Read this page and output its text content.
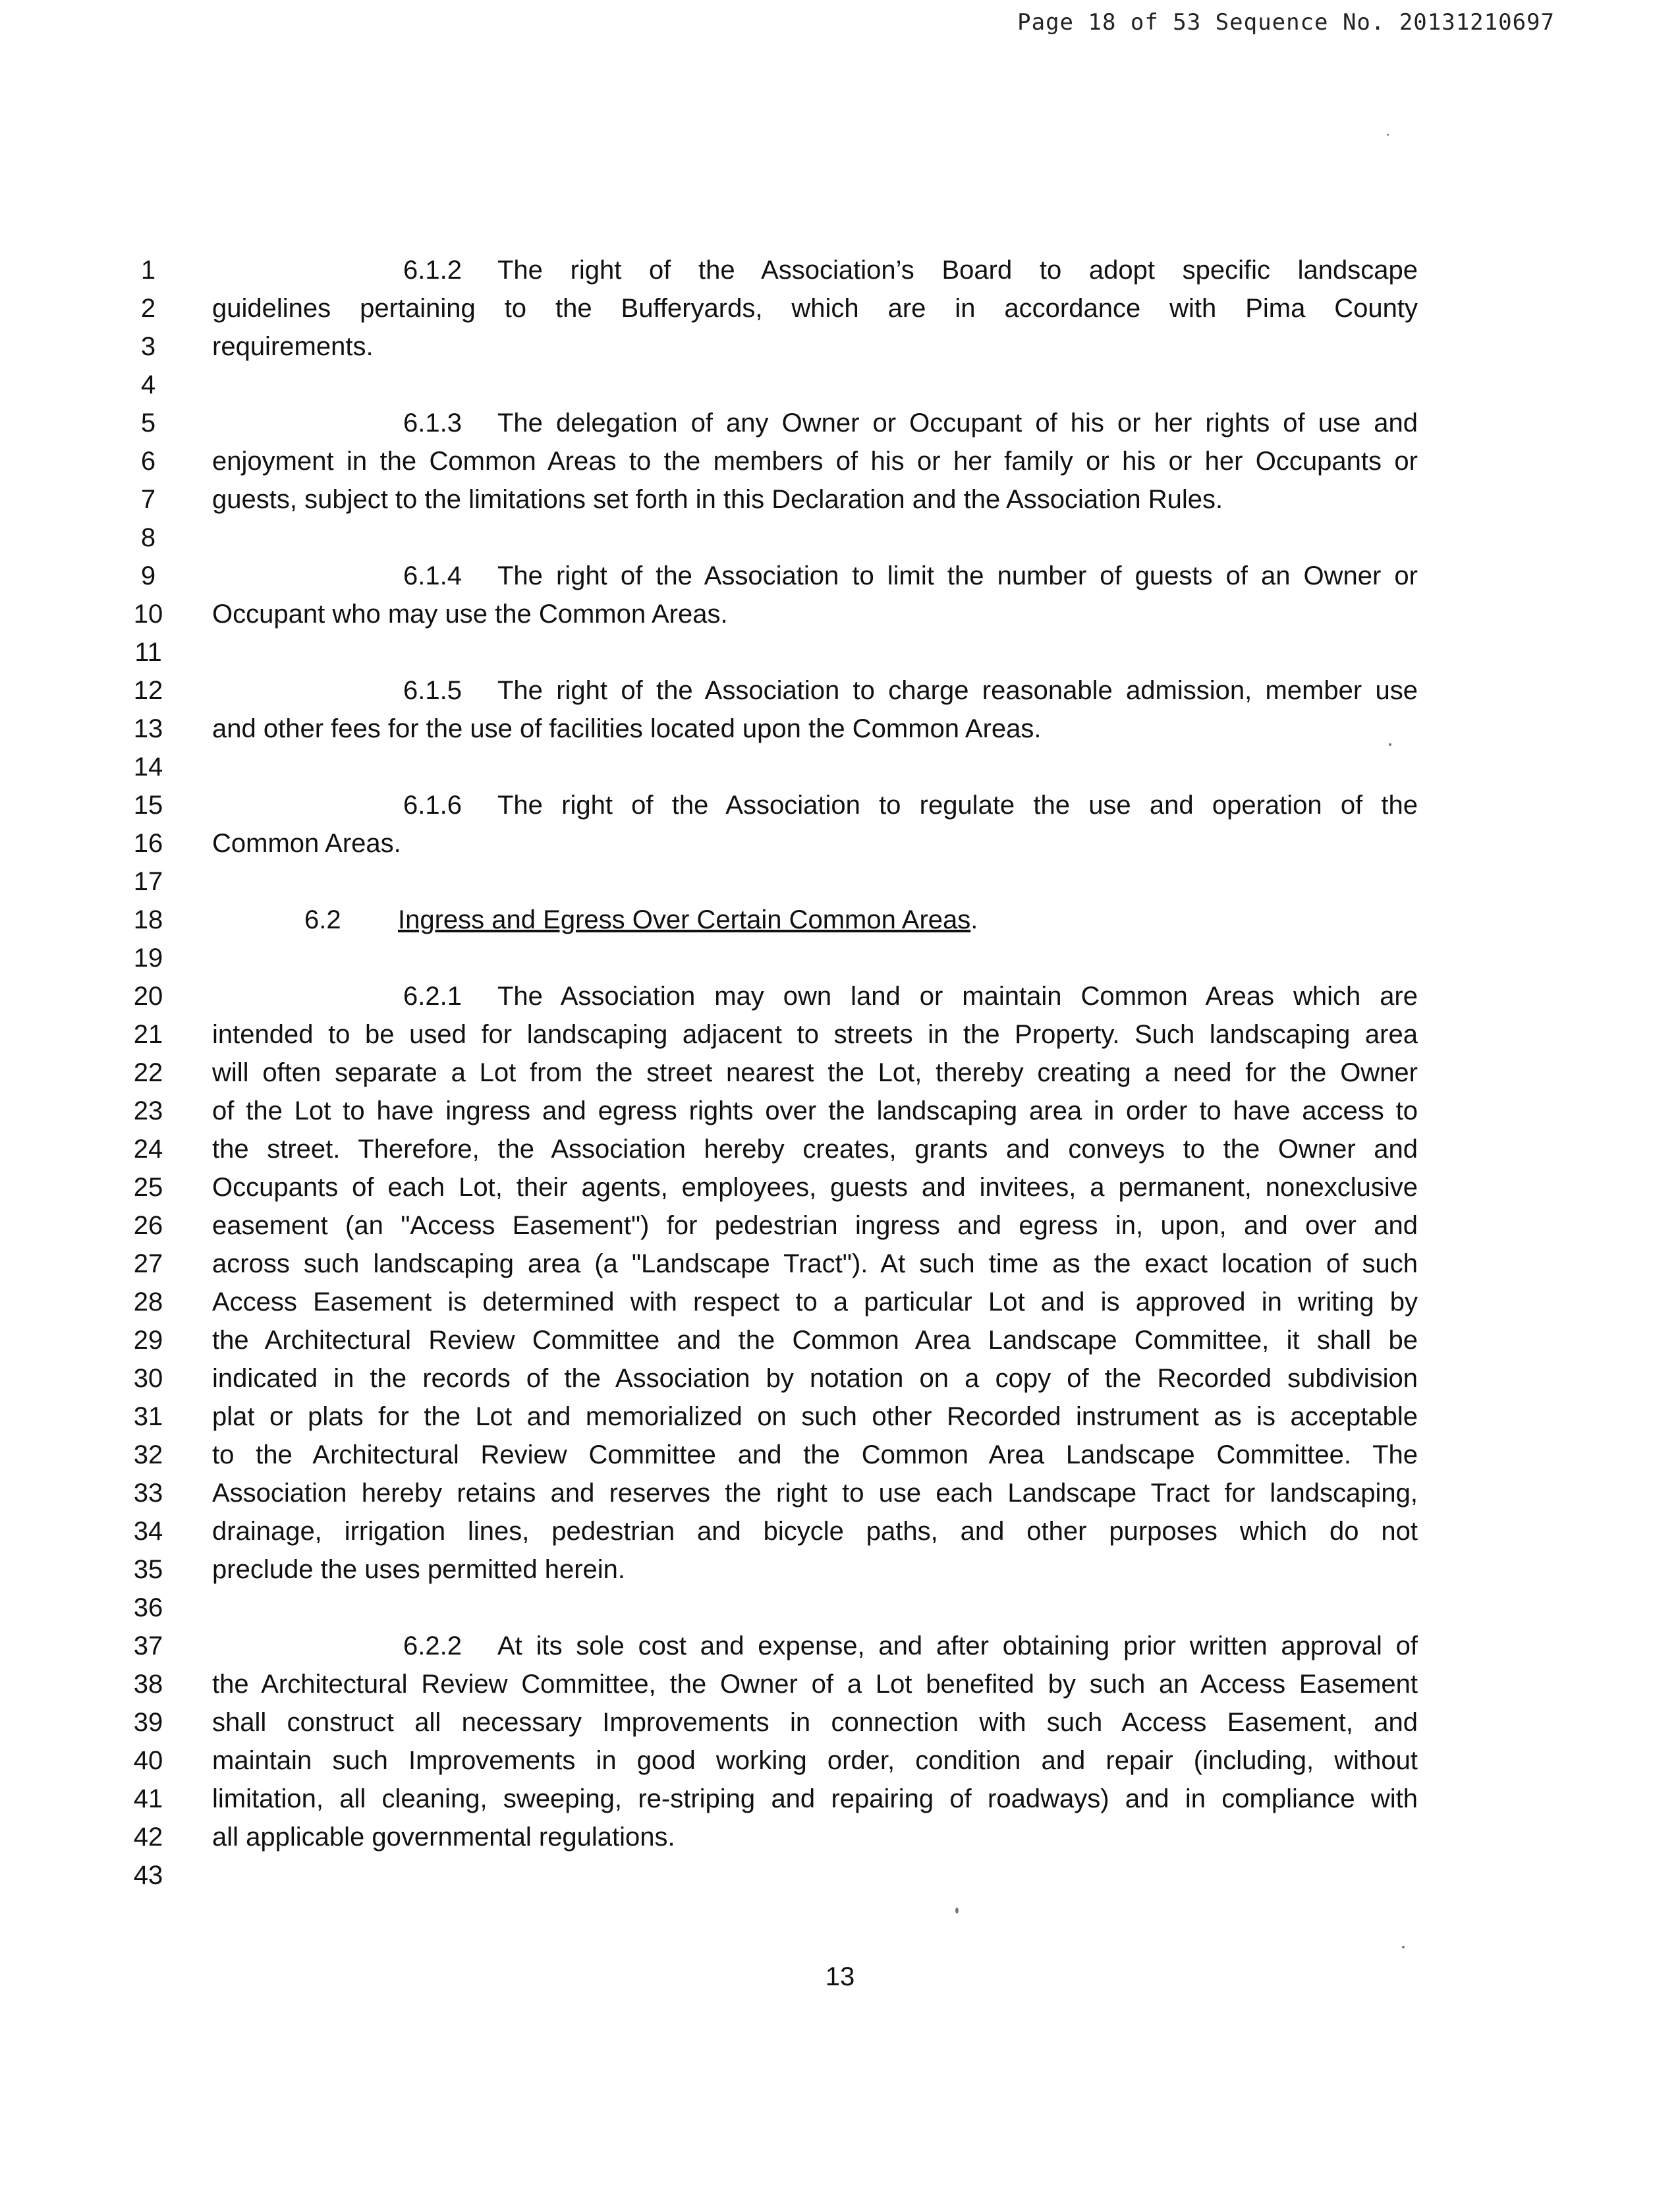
Page 18 of 53 Sequence No. 20131210697
1	6.1.2 The right of the Association’s Board to adopt specific landscape
2	guidelines pertaining to the Bufferyards, which are in accordance with Pima County
3	requirements.
4
5	6.1.3 The delegation of any Owner or Occupant of his or her rights of use and
6	enjoyment in the Common Areas to the members of his or her family or his or her Occupants or
7	guests, subject to the limitations set forth in this Declaration and the Association Rules.
8
9	6.1.4 The right of the Association to limit the number of guests of an Owner or
10	Occupant who may use the Common Areas.
11
12	6.1.5 The right of the Association to charge reasonable admission, member use
13	and other fees for the use of facilities located upon the Common Areas.
14
15	6.1.6 The right of the Association to regulate the use and operation of the
16	Common Areas.
17
18	6.2 Ingress and Egress Over Certain Common Areas.
19
20	6.2.1 The Association may own land or maintain Common Areas which are
21	intended to be used for landscaping adjacent to streets in the Property. Such landscaping area
22	will often separate a Lot from the street nearest the Lot, thereby creating a need for the Owner
23	of the Lot to have ingress and egress rights over the landscaping area in order to have access to
24	the street. Therefore, the Association hereby creates, grants and conveys to the Owner and
25	Occupants of each Lot, their agents, employees, guests and invitees, a permanent, nonexclusive
26	easement (an "Access Easement") for pedestrian ingress and egress in, upon, and over and
27	across such landscaping area (a "Landscape Tract"). At such time as the exact location of such
28	Access Easement is determined with respect to a particular Lot and is approved in writing by
29	the Architectural Review Committee and the Common Area Landscape Committee, it shall be
30	indicated in the records of the Association by notation on a copy of the Recorded subdivision
31	plat or plats for the Lot and memorialized on such other Recorded instrument as is acceptable
32	to the Architectural Review Committee and the Common Area Landscape Committee. The
33	Association hereby retains and reserves the right to use each Landscape Tract for landscaping,
34	drainage, irrigation lines, pedestrian and bicycle paths, and other purposes which do not
35	preclude the uses permitted herein.
36
37	6.2.2 At its sole cost and expense, and after obtaining prior written approval of
38	the Architectural Review Committee, the Owner of a Lot benefited by such an Access Easement
39	shall construct all necessary Improvements in connection with such Access Easement, and
40	maintain such Improvements in good working order, condition and repair (including, without
41	limitation, all cleaning, sweeping, re-striping and repairing of roadways) and in compliance with
42	all applicable governmental regulations.
43
13
